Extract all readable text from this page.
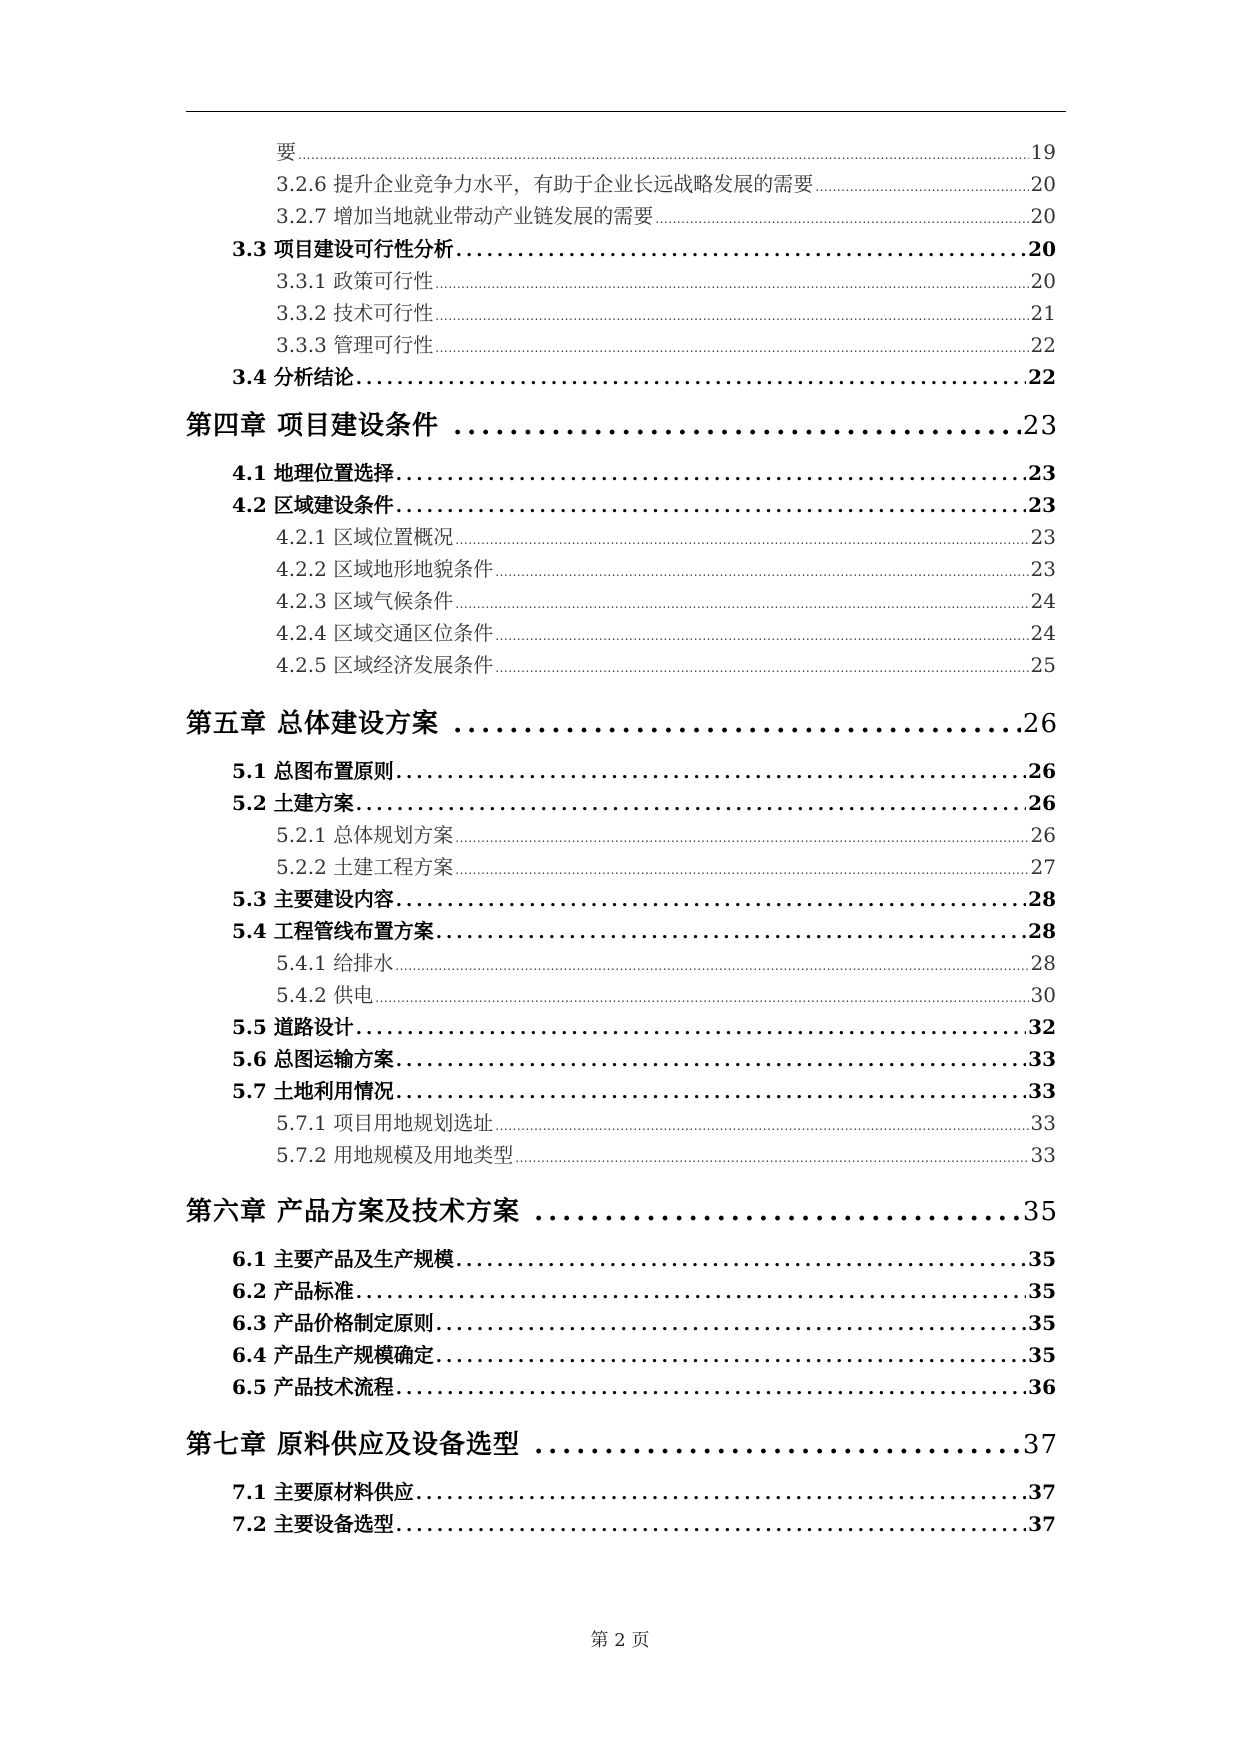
要 .....	19
3.2.6 提升企业竞争力水平，有助于企业长远战略发展的需要 .....	20
3.2.7 增加当地就业带动产业链发展的需要 .....	20
3.3 项目建设可行性分析 .....	20
3.3.1 政策可行性 .....	20
3.3.2 技术可行性 .....	21
3.3.3 管理可行性 .....	22
3.4 分析结论 .....	22
第四章 项目建设条件 .....	23
4.1 地理位置选择 .....	23
4.2 区域建设条件 .....	23
4.2.1 区域位置概况 .....	23
4.2.2 区域地形地貌条件 .....	23
4.2.3 区域气候条件 .....	24
4.2.4 区域交通区位条件 .....	24
4.2.5 区域经济发展条件 .....	25
第五章 总体建设方案 .....	26
5.1 总图布置原则 .....	26
5.2 土建方案 .....	26
5.2.1 总体规划方案 .....	26
5.2.2 土建工程方案 .....	27
5.3 主要建设内容 .....	28
5.4 工程管线布置方案 .....	28
5.4.1 给排水 .....	28
5.4.2 供电 .....	30
5.5 道路设计 .....	32
5.6 总图运输方案 .....	33
5.7 土地利用情况 .....	33
5.7.1 项目用地规划选址 .....	33
5.7.2 用地规模及用地类型 .....	33
第六章 产品方案及技术方案 .....	35
6.1 主要产品及生产规模 .....	35
6.2 产品标准 .....	35
6.3 产品价格制定原则 .....	35
6.4 产品生产规模确定 .....	35
6.5 产品技术流程 .....	36
第七章 原料供应及设备选型 .....	37
7.1 主要原材料供应 .....	37
7.2 主要设备选型 .....	37
第 2 页
